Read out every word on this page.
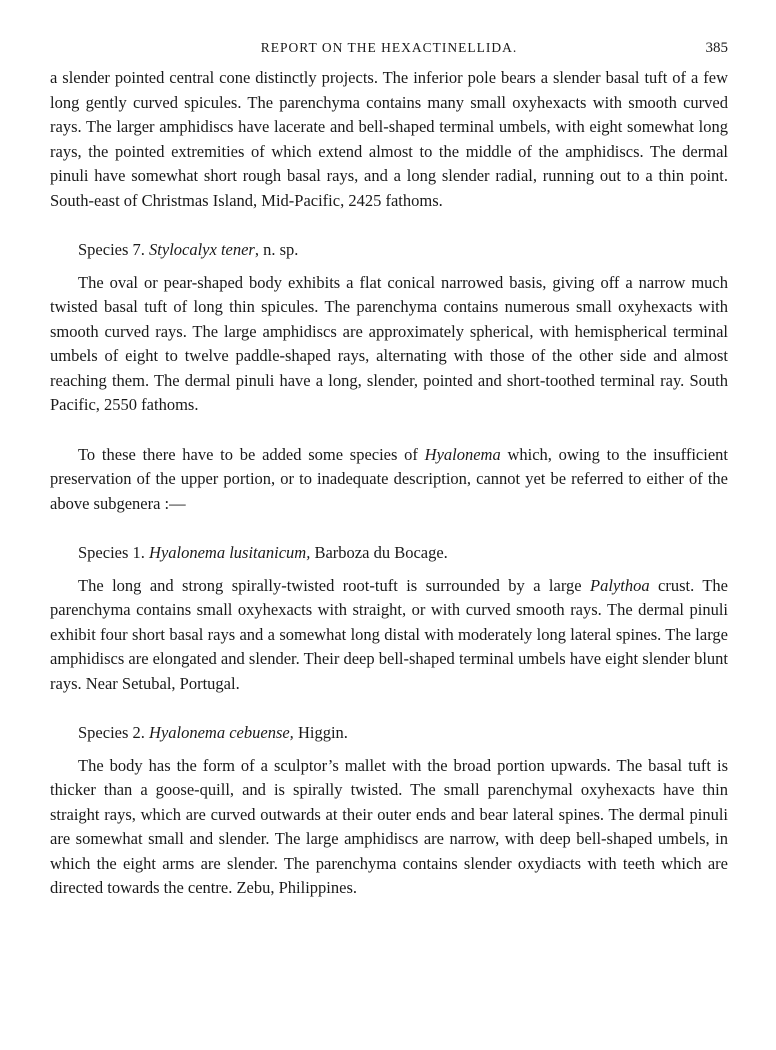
REPORT ON THE HEXACTINELLIDA.	385

a slender pointed central cone distinctly projects. The inferior pole bears a slender basal tuft of a few long gently curved spicules. The parenchyma contains many small oxyhexacts with smooth curved rays. The larger amphidiscs have lacerate and bell-shaped terminal umbels, with eight somewhat long rays, the pointed extremities of which extend almost to the middle of the amphidiscs. The dermal pinuli have somewhat short rough basal rays, and a long slender radial, running out to a thin point. South-east of Christmas Island, Mid-Pacific, 2425 fathoms.

Species 7. Stylocalyx tener, n. sp.

The oval or pear-shaped body exhibits a flat conical narrowed basis, giving off a narrow much twisted basal tuft of long thin spicules. The parenchyma contains numerous small oxyhexacts with smooth curved rays. The large amphidiscs are approximately spherical, with hemispherical terminal umbels of eight to twelve paddle-shaped rays, alternating with those of the other side and almost reaching them. The dermal pinuli have a long, slender, pointed and short-toothed terminal ray. South Pacific, 2550 fathoms.

To these there have to be added some species of Hyalonema which, owing to the insufficient preservation of the upper portion, or to inadequate description, cannot yet be referred to either of the above subgenera :—

Species 1. Hyalonema lusitanicum, Barboza du Bocage.

The long and strong spirally-twisted root-tuft is surrounded by a large Palythoa crust. The parenchyma contains small oxyhexacts with straight, or with curved smooth rays. The dermal pinuli exhibit four short basal rays and a somewhat long distal with moderately long lateral spines. The large amphidiscs are elongated and slender. Their deep bell-shaped terminal umbels have eight slender blunt rays. Near Setubal, Portugal.

Species 2. Hyalonema cebuense, Higgin.

The body has the form of a sculptor’s mallet with the broad portion upwards. The basal tuft is thicker than a goose-quill, and is spirally twisted. The small parenchymal oxyhexacts have thin straight rays, which are curved outwards at their outer ends and bear lateral spines. The dermal pinuli are somewhat small and slender. The large amphidiscs are narrow, with deep bell-shaped umbels, in which the eight arms are slender. The parenchyma contains slender oxydiacts with teeth which are directed towards the centre. Zebu, Philippines.
